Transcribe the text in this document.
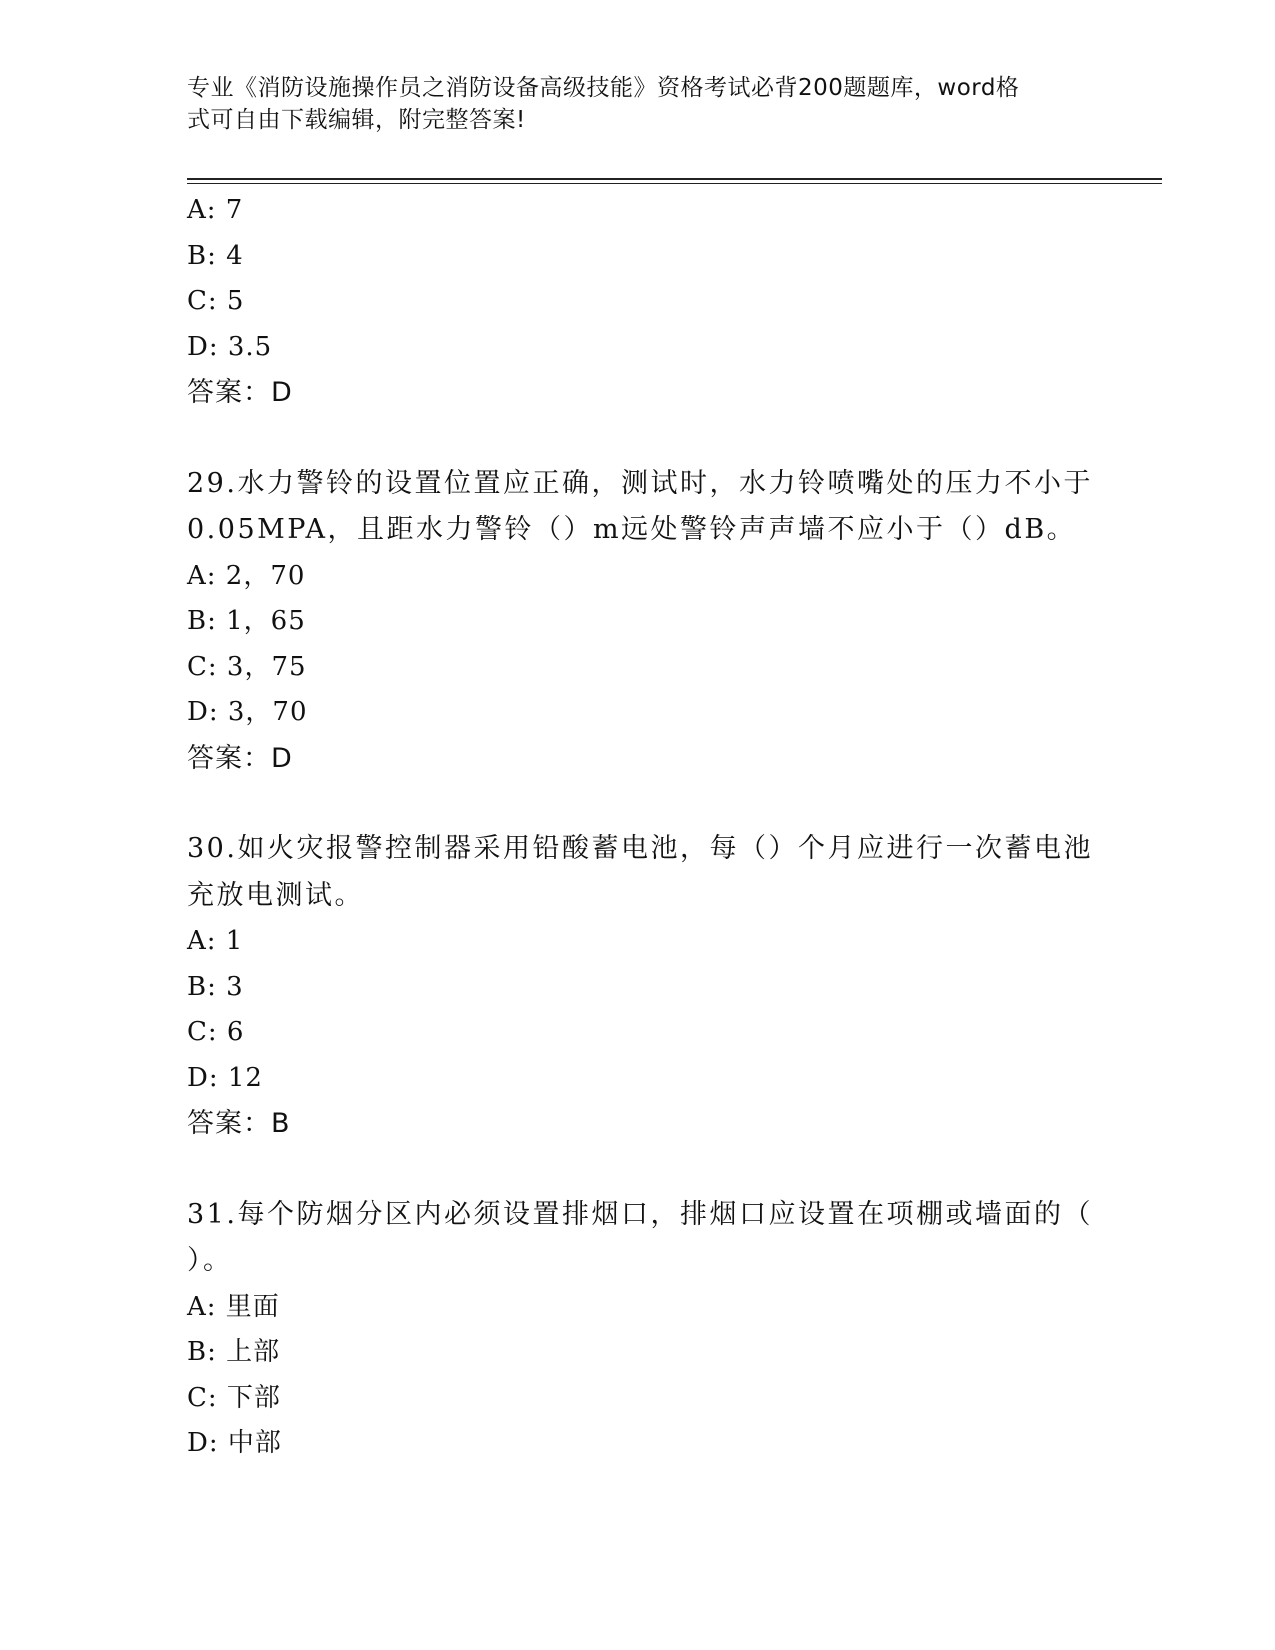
专业《消防设施操作员之消防设备高级技能》资格考试必背200题题库，word格
式可自由下载编辑，附完整答案!
A: 7
B: 4
C: 5
D: 3.5
答案：D
29.水力警铃的设置位置应正确，测试时，水力铃喷嘴处的压力不小于
0.05MPA，且距水力警铃（）m远处警铃声声墙不应小于（）dB。
A: 2，70
B: 1，65
C: 3，75
D: 3，70
答案：D
30.如火灾报警控制器采用铅酸蓄电池，每（）个月应进行一次蓄电池
充放电测试。
A: 1
B: 3
C: 6
D: 12
答案：B
31.每个防烟分区内必须设置排烟口，排烟口应设置在项棚或墙面的（
）。
A: 里面
B: 上部
C: 下部
D: 中部
